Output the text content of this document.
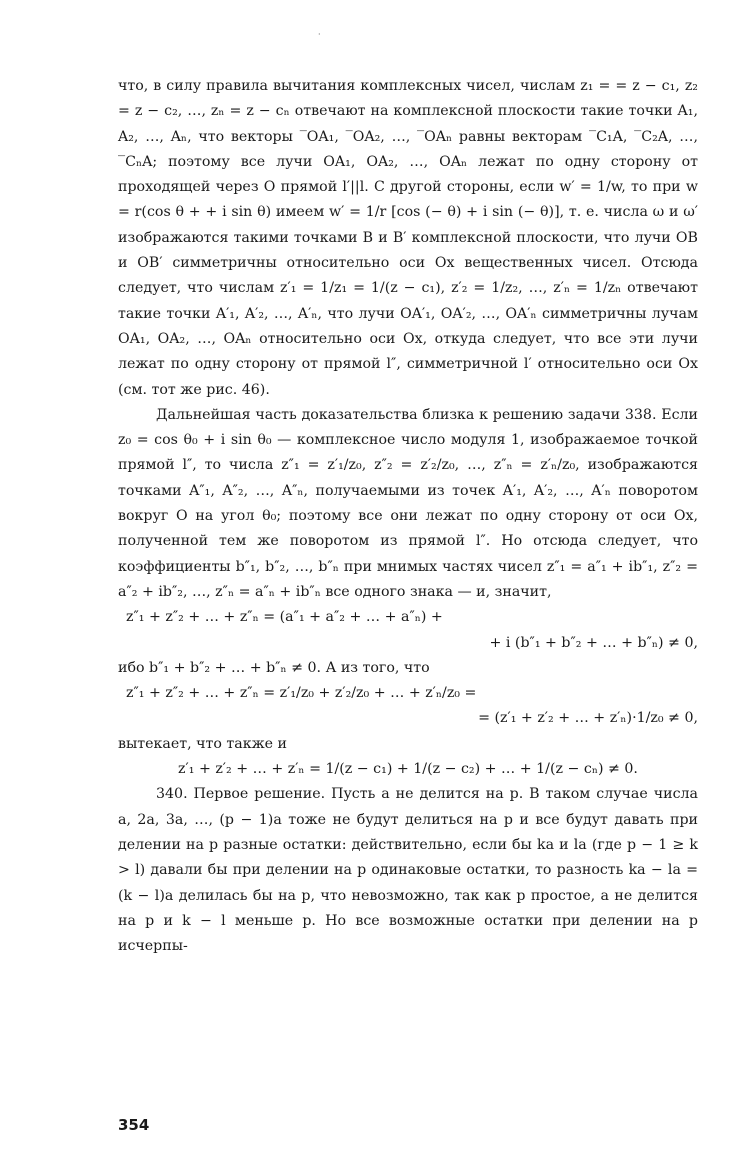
·

что, в силу правила вычитания комплексных чисел, числам z₁ = = z − c₁, z₂ = z − c₂, …, zₙ = z − cₙ отвечают на комплексной плоскости такие точки A₁, A₂, …, Aₙ, что векторы ‾OA₁, ‾OA₂, …, ‾OAₙ равны векторам ‾C₁A, ‾C₂A, …, ‾CₙA; поэтому все лучи OA₁, OA₂, …, OAₙ лежат по одну сторону от проходящей через O прямой l′||l. С другой стороны, если w′ = 1/w, то при w = r(cos θ + + i sin θ) имеем w′ = 1/r [cos (− θ) + i sin (− θ)], т. е. числа ω и ω′ изображаются такими точками B и B′ комплексной плоскости, что лучи OB и OB′ симметричны относительно оси Ox вещественных чисел. Отсюда следует, что числам z′₁ = 1/z₁ = 1/(z − c₁), z′₂ = 1/z₂, …, z′ₙ = 1/zₙ отвечают такие точки A′₁, A′₂, …, A′ₙ, что лучи OA′₁, OA′₂, …, OA′ₙ симметричны лучам OA₁, OA₂, …, OAₙ относительно оси Ox, откуда следует, что все эти лучи лежат по одну сторону от прямой l″, симметричной l′ относительно оси Ox (см. тот же рис. 46).

Дальнейшая часть доказательства близка к решению задачи 338. Если z₀ = cos θ₀ + i sin θ₀ — комплексное число модуля 1, изображаемое точкой прямой l″, то числа z″₁ = z′₁/z₀, z″₂ = z′₂/z₀, …, z″ₙ = z′ₙ/z₀, изображаются точками A″₁, A″₂, …, A″ₙ, получаемыми из точек A′₁, A′₂, …, A′ₙ поворотом вокруг O на угол θ₀; поэтому все они лежат по одну сторону от оси Ox, полученной тем же поворотом из прямой l″. Но отсюда следует, что коэффициенты b″₁, b″₂, …, b″ₙ при мнимых частях чисел z″₁ = a″₁ + ib″₁, z″₂ = a″₂ + ib″₂, …, z″ₙ = a″ₙ + ib″ₙ все одного знака — и, значит,

z″₁ + z″₂ + … + z″ₙ = (a″₁ + a″₂ + … + a″ₙ) +

+ i (b″₁ + b″₂ + … + b″ₙ) ≠ 0,

ибо b″₁ + b″₂ + … + b″ₙ ≠ 0. А из того, что

z″₁ + z″₂ + … + z″ₙ = z′₁/z₀ + z′₂/z₀ + … + z′ₙ/z₀ =

= (z′₁ + z′₂ + … + z′ₙ)·1/z₀ ≠ 0,

вытекает, что также и

z′₁ + z′₂ + … + z′ₙ = 1/(z − c₁) + 1/(z − c₂) + … + 1/(z − cₙ) ≠ 0.

340. Первое решение. Пусть a не делится на p. В таком случае числа a, 2a, 3a, …, (p − 1)a тоже не будут делиться на p и все будут давать при делении на p разные остатки: действительно, если бы ka и la (где p − 1 ≥ k > l) давали бы при делении на p одинаковые остатки, то разность ka − la = (k − l)a делилась бы на p, что невозможно, так как p простое, a не делится на p и k − l меньше p. Но все возможные остатки при делении на p исчерпы-

354
